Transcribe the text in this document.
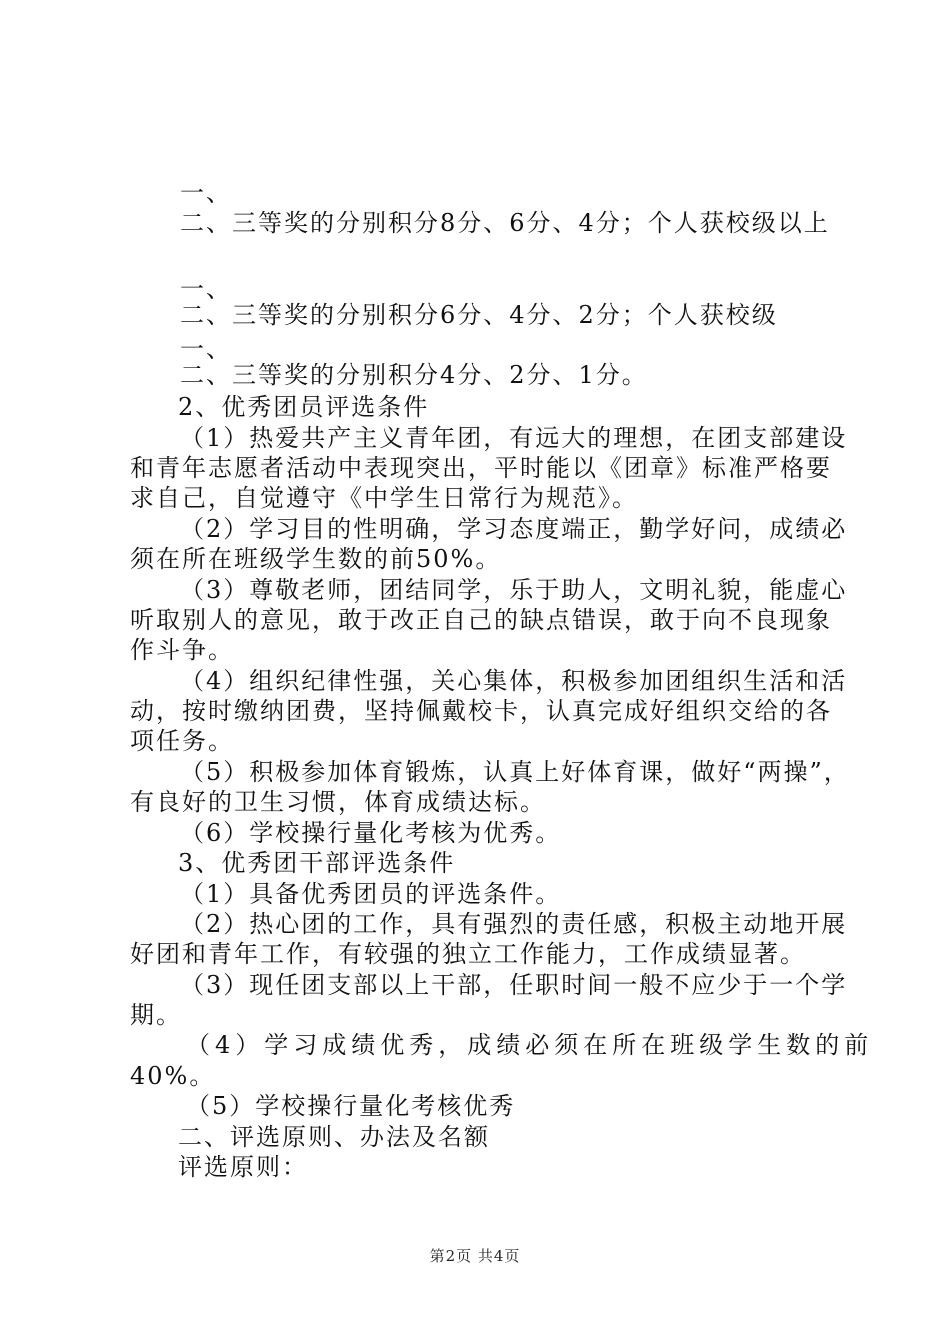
一、
二、三等奖的分别积分8分、6分、4分；个人获校级以上
一、
二、三等奖的分别积分6分、4分、2分；个人获校级
一、
二、三等奖的分别积分4分、2分、1分。
2、优秀团员评选条件
（1）热爱共产主义青年团，有远大的理想，在团支部建设
和青年志愿者活动中表现突出，平时能以《团章》标准严格要
求自己，自觉遵守《中学生日常行为规范》。
（2）学习目的性明确，学习态度端正，勤学好问，成绩必
须在所在班级学生数的前50%。
（3）尊敬老师，团结同学，乐于助人，文明礼貌，能虚心
听取别人的意见，敢于改正自己的缺点错误，敢于向不良现象
作斗争。
（4）组织纪律性强，关心集体，积极参加团组织生活和活
动，按时缴纳团费，坚持佩戴校卡，认真完成好组织交给的各
项任务。
（5）积极参加体育锻炼，认真上好体育课，做好“两操”，
有良好的卫生习惯，体育成绩达标。
（6）学校操行量化考核为优秀。
3、优秀团干部评选条件
（1）具备优秀团员的评选条件。
（2）热心团的工作，具有强烈的责任感，积极主动地开展
好团和青年工作，有较强的独立工作能力，工作成绩显著。
（3）现任团支部以上干部，任职时间一般不应少于一个学
期。
（4）学习成绩优秀，成绩必须在所在班级学生数的前
40%。
（5）学校操行量化考核优秀
二、评选原则、办法及名额
评选原则：
第2页 共4页
